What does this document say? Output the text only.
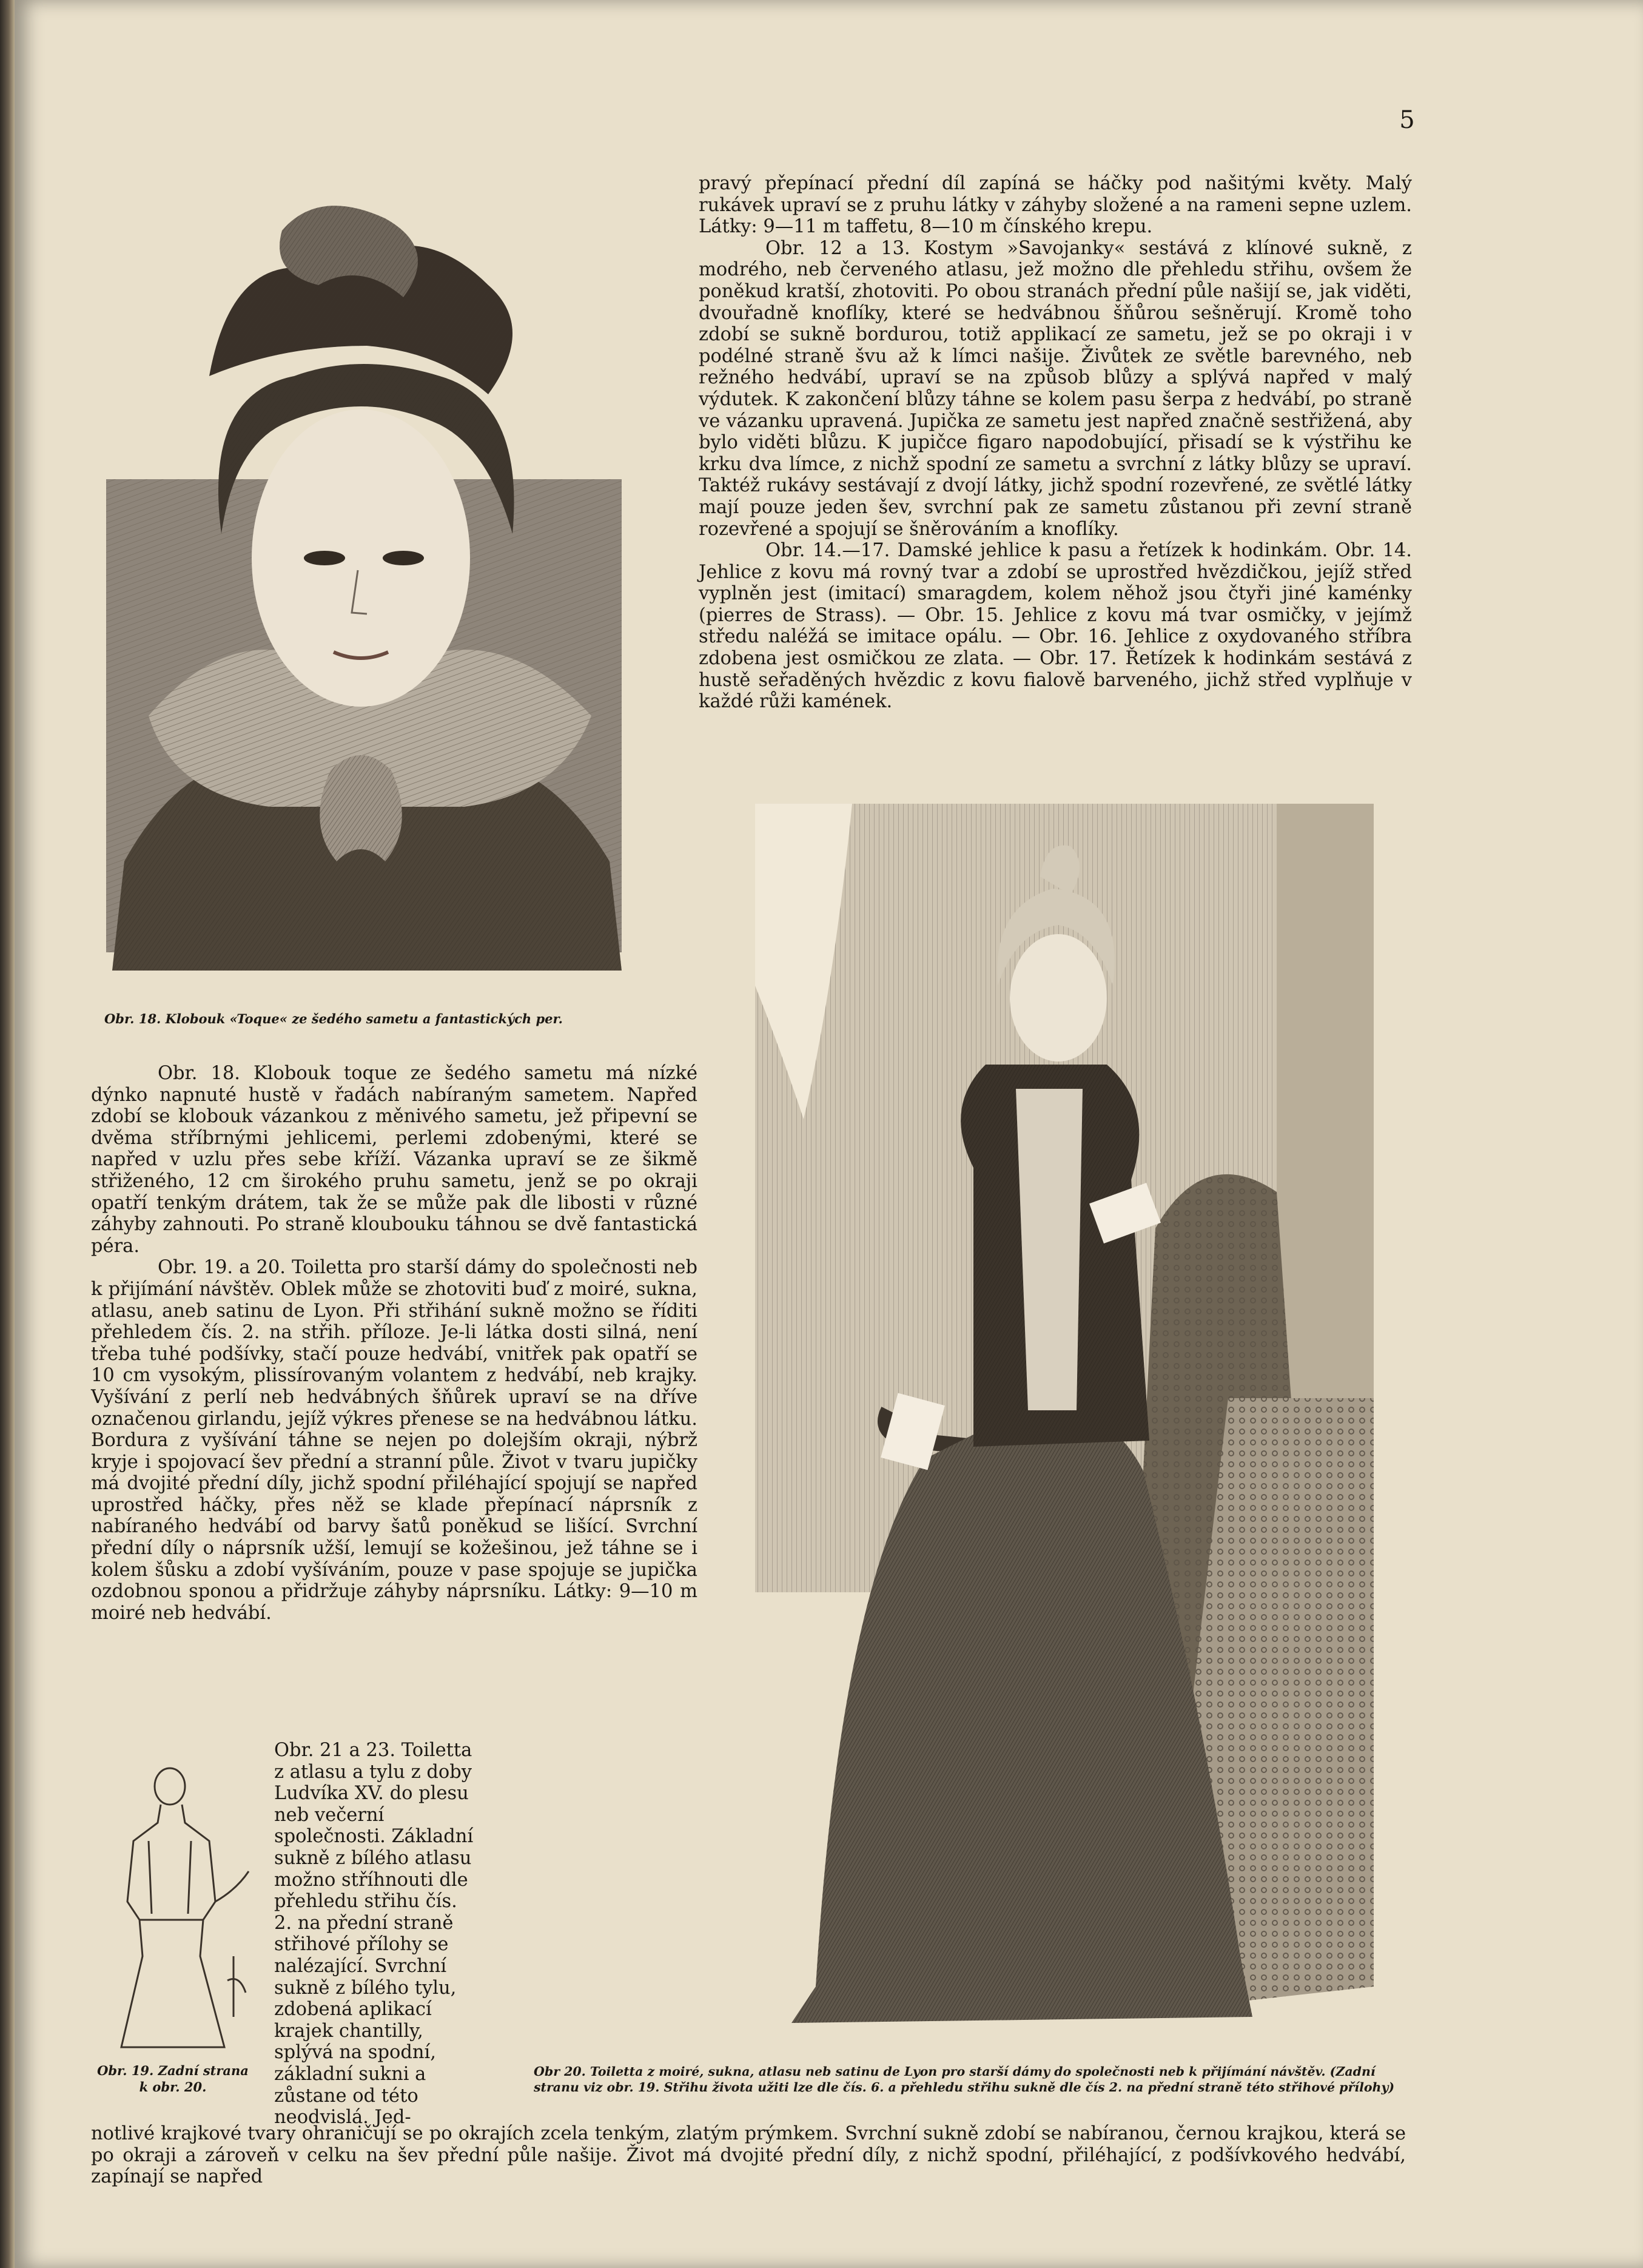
5

pravý přepínací přední díl zapíná se háčky pod našitými květy. Malý rukávek upraví se z pruhu látky v záhyby složené a na rameni sepne uzlem. Látky: 9—11 m taffetu, 8—10 m čínského krepu.

Obr. 12 a 13. Kostym »Savojanky« sestává z klínové sukně, z modrého, neb červeného atlasu, jež možno dle přehledu střihu, ovšem že poněkud kratší, zhotoviti. Po obou stranách přední půle našijí se, jak viděti, dvouřadně knoflíky, které se hedvábnou šňůrou sešněrují. Kromě toho zdobí se sukně bordurou, totiž applikací ze sametu, jež se po okraji i v podélné straně švu až k límci našije. Živůtek ze světle barevného, neb režného hedvábí, upraví se na způsob blůzy a splývá napřed v malý výdutek. K zakončení blůzy táhne se kolem pasu šerpa z hedvábí, po straně ve vázanku upravená. Jupička ze sametu jest napřed značně sestřižená, aby bylo viděti blůzu. K jupičce figaro napodobující, přisadí se k výstřihu ke krku dva límce, z nichž spodní ze sametu a svrchní z látky blůzy se upraví. Taktéž rukávy sestávají z dvojí látky, jichž spodní rozevřené, ze světlé látky mají pouze jeden šev, svrchní pak ze sametu zůstanou při zevní straně rozevřené a spojují se šněrováním a knoflíky.

Obr. 14.—17. Damské jehlice k pasu a řetízek k hodinkám. Obr. 14. Jehlice z kovu má rovný tvar a zdobí se uprostřed hvězdičkou, jejíž střed vyplněn jest (imitací) smaragdem, kolem něhož jsou čtyři jiné kaménky (pierres de Strass). — Obr. 15. Jehlice z kovu má tvar osmičky, v jejímž středu naléžá se imitace opálu. — Obr. 16. Jehlice z oxydovaného stříbra zdobena jest osmičkou ze zlata. — Obr. 17. Řetízek k hodinkám sestává z hustě seřaděných hvězdic z kovu fialově barveného, jichž střed vyplňuje v každé růži kamének.

Obr. 18. Klobouk «Toque« ze šedého sametu a fantastických per.

Obr. 18. Klobouk toque ze šedého sametu má nízké dýnko napnuté hustě v řadách nabíraným sametem. Napřed zdobí se klobouk vázankou z měnivého sametu, jež připevní se dvěma stříbrnými jehlicemi, perlemi zdobenými, které se napřed v uzlu přes sebe kříží. Vázanka upraví se ze šikmě střiženého, 12 cm širokého pruhu sametu, jenž se po okraji opatří tenkým drátem, tak že se může pak dle libosti v různé záhyby zahnouti. Po straně kloubouku táhnou se dvě fantastická péra.

Obr. 19. a 20. Toiletta pro starší dámy do společnosti neb k přijímání návštěv. Oblek může se zhotoviti buď z moiré, sukna, atlasu, aneb satinu de Lyon. Při střihání sukně možno se říditi přehledem čís. 2. na střih. příloze. Je-li látka dosti silná, není třeba tuhé podšívky, stačí pouze hedvábí, vnitřek pak opatří se 10 cm vysokým, plissírovaným volantem z hedvábí, neb krajky. Vyšívání z perlí neb hedvábných šňůrek upraví se na dříve označenou girlandu, jejíž výkres přenese se na hedvábnou látku. Bordura z vyšívání táhne se nejen po dolejším okraji, nýbrž kryje i spojovací šev přední a stranní půle. Život v tvaru jupičky má dvojité přední díly, jichž spodní přiléhající spojují se napřed uprostřed háčky, přes něž se klade přepínací náprsník z nabíraného hedvábí od barvy šatů poněkud se lišící. Svrchní přední díly o náprsník užší, lemují se kožešinou, jež táhne se i kolem šůsku a zdobí vyšíváním, pouze v pase spojuje se jupička ozdobnou sponou a přidržuje záhyby náprsníku. Látky: 9—10 m moiré neb hedvábí.

Obr. 21 a 23. Toiletta z atlasu a tylu z doby Ludvíka XV. do plesu neb večerní společnosti. Základní sukně z bílého atlasu možno stříhnouti dle přehledu střihu čís. 2. na přední straně střihové přílohy se nalézající. Svrchní sukně z bílého tylu, zdobená aplikací krajek chantilly, splývá na spodní, základní sukni a zůstane od této neodvislá. Jed-
Obr. 19. Zadní strana
k obr. 20.
Obr 20. Toiletta z moiré, sukna, atlasu neb satinu de Lyon pro starší dámy do společnosti neb k přijímání návštěv. (Zadní stranu viz obr. 19. Střihu života užiti lze dle čís. 6. a přehledu střihu sukně dle čís 2. na přední straně této střihové přílohy)
notlivé krajkové tvary ohraničují se po okrajích zcela tenkým, zlatým prýmkem. Svrchní sukně zdobí se nabíranou, černou krajkou, která se po okraji a zároveň v celku na šev přední půle našije. Život má dvojité přední díly, z nichž spodní, přiléhající, z podšívkového hedvábí, zapínají se napřed
